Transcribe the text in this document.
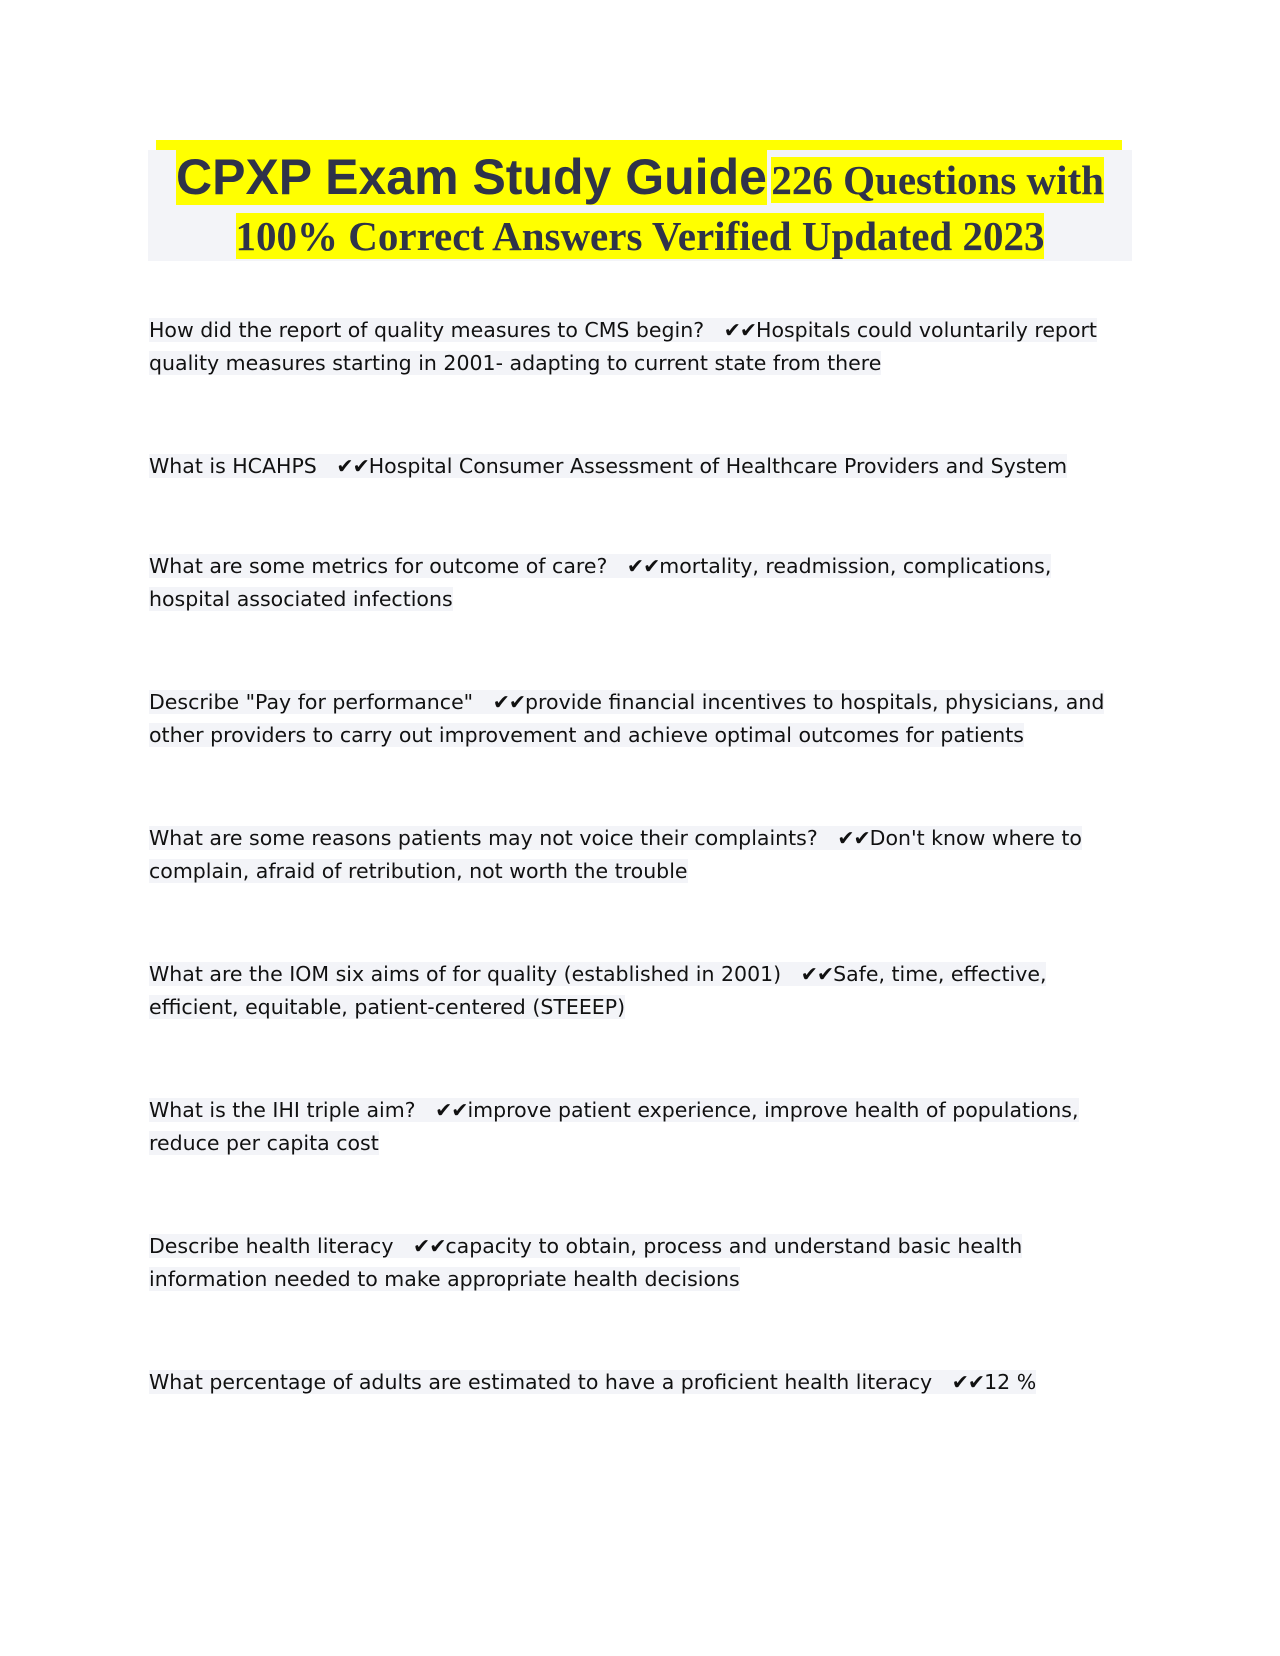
CPXP Exam Study Guide 226 Questions with
100% Correct Answers Verified Updated 2023
How did the report of quality measures to CMS begin? ✔✔Hospitals could voluntarily report quality measures starting in 2001- adapting to current state from there
What is HCAHPS ✔✔Hospital Consumer Assessment of Healthcare Providers and System
What are some metrics for outcome of care? ✔✔mortality, readmission, complications, hospital associated infections
Describe "Pay for performance" ✔✔provide financial incentives to hospitals, physicians, and other providers to carry out improvement and achieve optimal outcomes for patients
What are some reasons patients may not voice their complaints? ✔✔Don't know where to complain, afraid of retribution, not worth the trouble
What are the IOM six aims of for quality (established in 2001) ✔✔Safe, time, effective, efficient, equitable, patient-centered (STEEEP)
What is the IHI triple aim? ✔✔improve patient experience, improve health of populations, reduce per capita cost
Describe health literacy ✔✔capacity to obtain, process and understand basic health information needed to make appropriate health decisions
What percentage of adults are estimated to have a proficient health literacy ✔✔12 %
